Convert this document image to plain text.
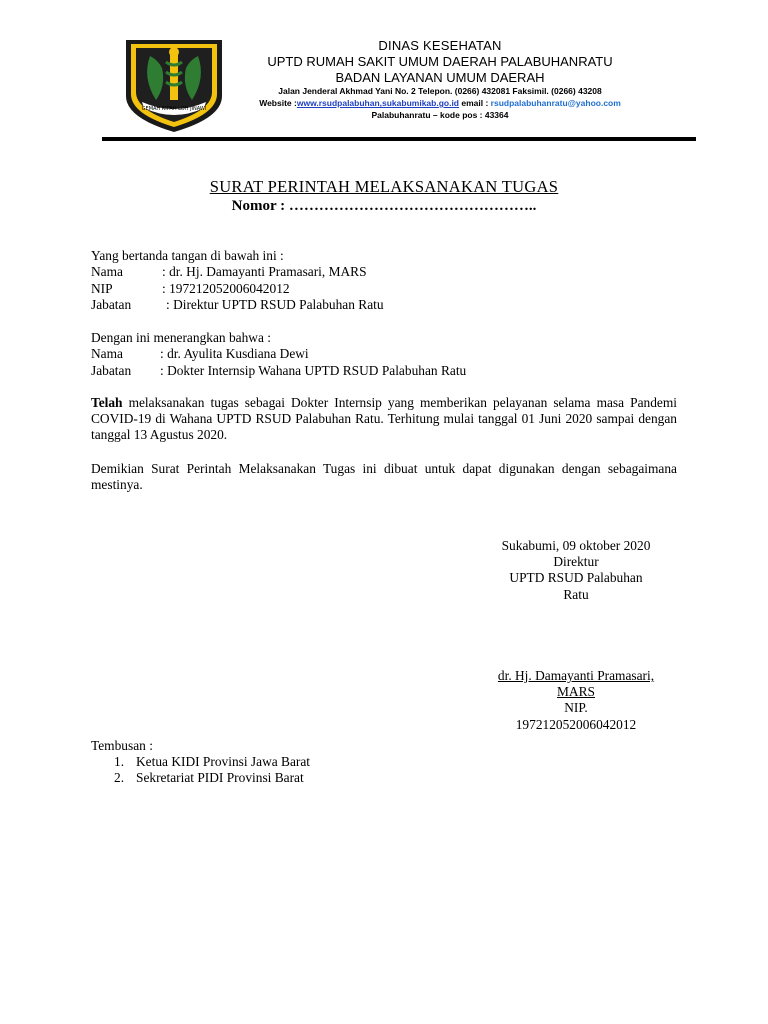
GEMAH RIPAH LOH JINAWI
DINAS KESEHATAN
UPTD RUMAH SAKIT UMUM DAERAH PALABUHANRATU
BADAN LAYANAN UMUM DAERAH
Jalan Jenderal Akhmad Yani No. 2 Telepon. (0266) 432081 Faksimil. (0266) 43208
Website :www.rsudpalabuhan,sukabumikab.go.id email : rsudpalabuhanratu@yahoo.com
Palabuhanratu – kode pos : 43364
SURAT PERINTAH MELAKSANAKAN TUGAS
Nomor : …………………………………………..
Yang bertanda tangan di bawah ini :
Nama	: dr. Hj. Damayanti Pramasari, MARS
NIP	: 197212052006042012
Jabatan	: Direktur UPTD RSUD Palabuhan Ratu
Dengan ini menerangkan bahwa :
Nama	: dr. Ayulita Kusdiana Dewi
Jabatan : Dokter Internsip Wahana UPTD RSUD Palabuhan Ratu
Telah melaksanakan tugas sebagai Dokter Internsip yang memberikan pelayanan selama masa Pandemi COVID-19 di Wahana UPTD RSUD Palabuhan Ratu. Terhitung mulai tanggal 01 Juni 2020 sampai dengan tanggal 13 Agustus 2020.
Demikian Surat Perintah Melaksanakan Tugas ini dibuat untuk dapat digunakan dengan sebagaimana mestinya.
Sukabumi, 09 oktober 2020
Direktur
UPTD RSUD Palabuhan Ratu
dr. Hj. Damayanti Pramasari, MARS
NIP.
197212052006042012
Tembusan :
1. Ketua KIDI Provinsi Jawa Barat
2. Sekretariat PIDI Provinsi Barat
